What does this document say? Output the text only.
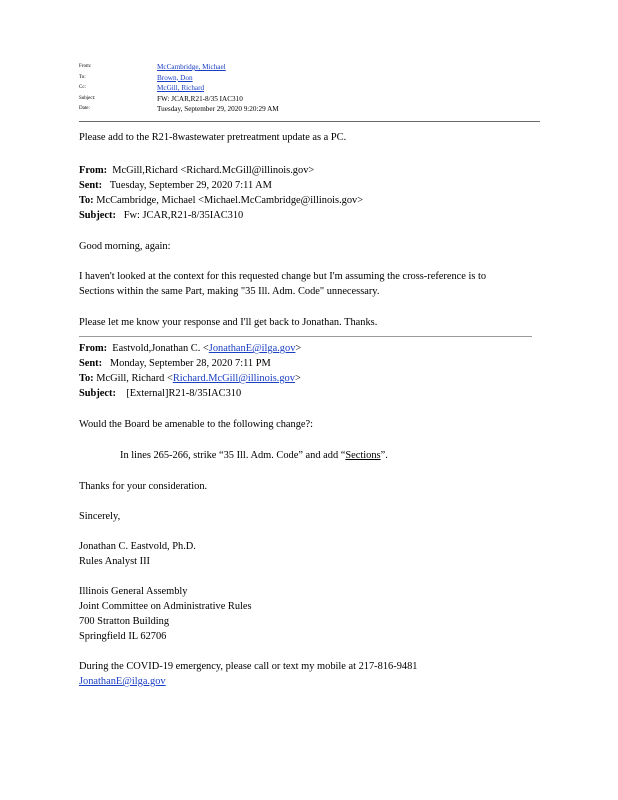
From:	McCambridge, Michael
To:	Brown, Don
Cc:	McGill, Richard
Subject:	FW: JCAR,R21-8/35 IAC310
Date:	Tuesday, September 29, 2020 9:20:29 AM
Please add to the R21-8wastewater pretreatment update as a PC.
From: McGill,Richard <Richard.McGill@illinois.gov>
Sent: Tuesday, September 29, 2020 7:11 AM
To: McCambridge, Michael <Michael.McCambridge@illinois.gov>
Subject: Fw: JCAR,R21-8/35IAC310
Good morning, again:
I haven't looked at the context for this requested change but I'm assuming the cross-reference is to
Sections within the same Part, making "35 Ill. Adm. Code" unnecessary.
Please let me know your response and I'll get back to Jonathan. Thanks.
From: Eastvold,Jonathan C. <JonathanE@ilga.gov>
Sent: Monday, September 28, 2020 7:11 PM
To: McGill, Richard <Richard.McGill@illinois.gov>
Subject: [External]R21-8/35IAC310
Would the Board be amenable to the following change?:
In lines 265-266, strike “35 Ill. Adm. Code” and add “Sections”.
Thanks for your consideration.
Sincerely,
Jonathan C. Eastvold, Ph.D.
Rules Analyst III
Illinois General Assembly
Joint Committee on Administrative Rules
700 Stratton Building
Springfield IL 62706
During the COVID-19 emergency, please call or text my mobile at 217-816-9481
JonathanE@ilga.gov
